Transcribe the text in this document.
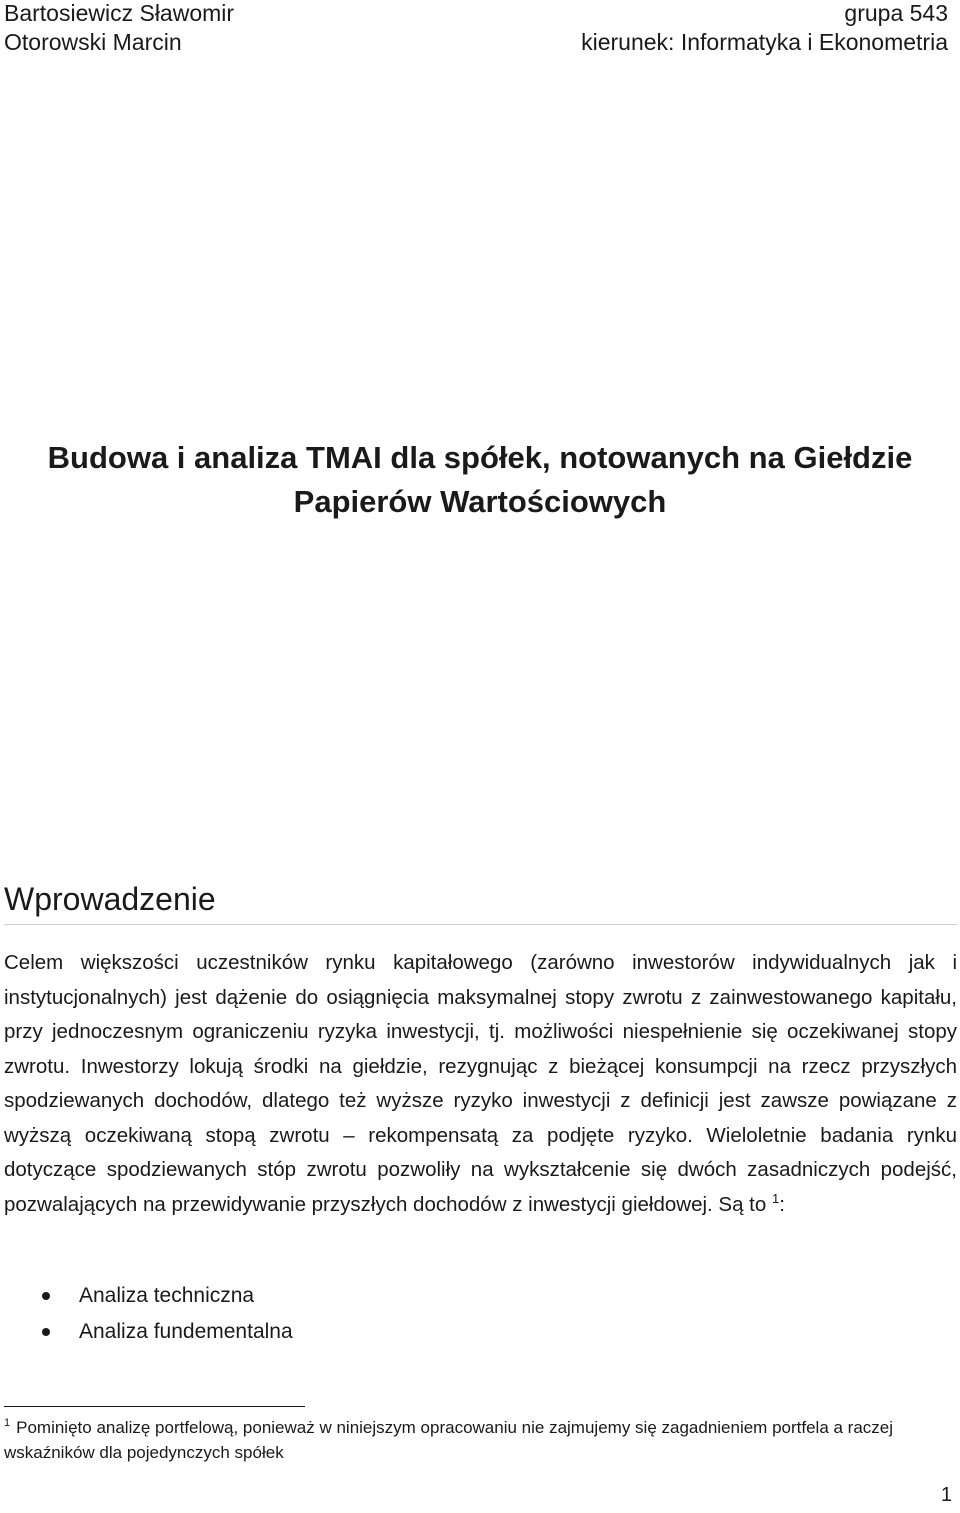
Bartosiewicz Sławomir
Otorowski Marcin
grupa 543
kierunek: Informatyka i Ekonometria
Budowa i analiza TMAI dla spółek, notowanych na Giełdzie
Papierów Wartościowych
Wprowadzenie

Celem większości uczestników rynku kapitałowego (zarówno inwestorów indywidualnych jak i instytucjonalnych) jest dążenie do osiągnięcia maksymalnej stopy zwrotu z zainwestowanego kapitału, przy jednoczesnym ograniczeniu ryzyka inwestycji, tj. możliwości niespełnienie się oczekiwanej stopy zwrotu. Inwestorzy lokują środki na giełdzie, rezygnując z bieżącej konsumpcji na rzecz przyszłych spodziewanych dochodów, dlatego też wyższe ryzyko inwestycji z definicji jest zawsze powiązane z wyższą oczekiwaną stopą zwrotu – rekompensatą za podjęte ryzyko. Wieloletnie badania rynku dotyczące spodziewanych stóp zwrotu pozwoliły na wykształcenie się dwóch zasadniczych podejść, pozwalających na przewidywanie przyszłych dochodów z inwestycji giełdowej. Są to $^1$:

Analiza techniczna
Analiza fundementalna

$^1$ Pominięto analizę portfelową, ponieważ w niniejszym opracowaniu nie zajmujemy się zagadnieniem portfela a raczej wskaźników dla pojedynczych spółek

1
